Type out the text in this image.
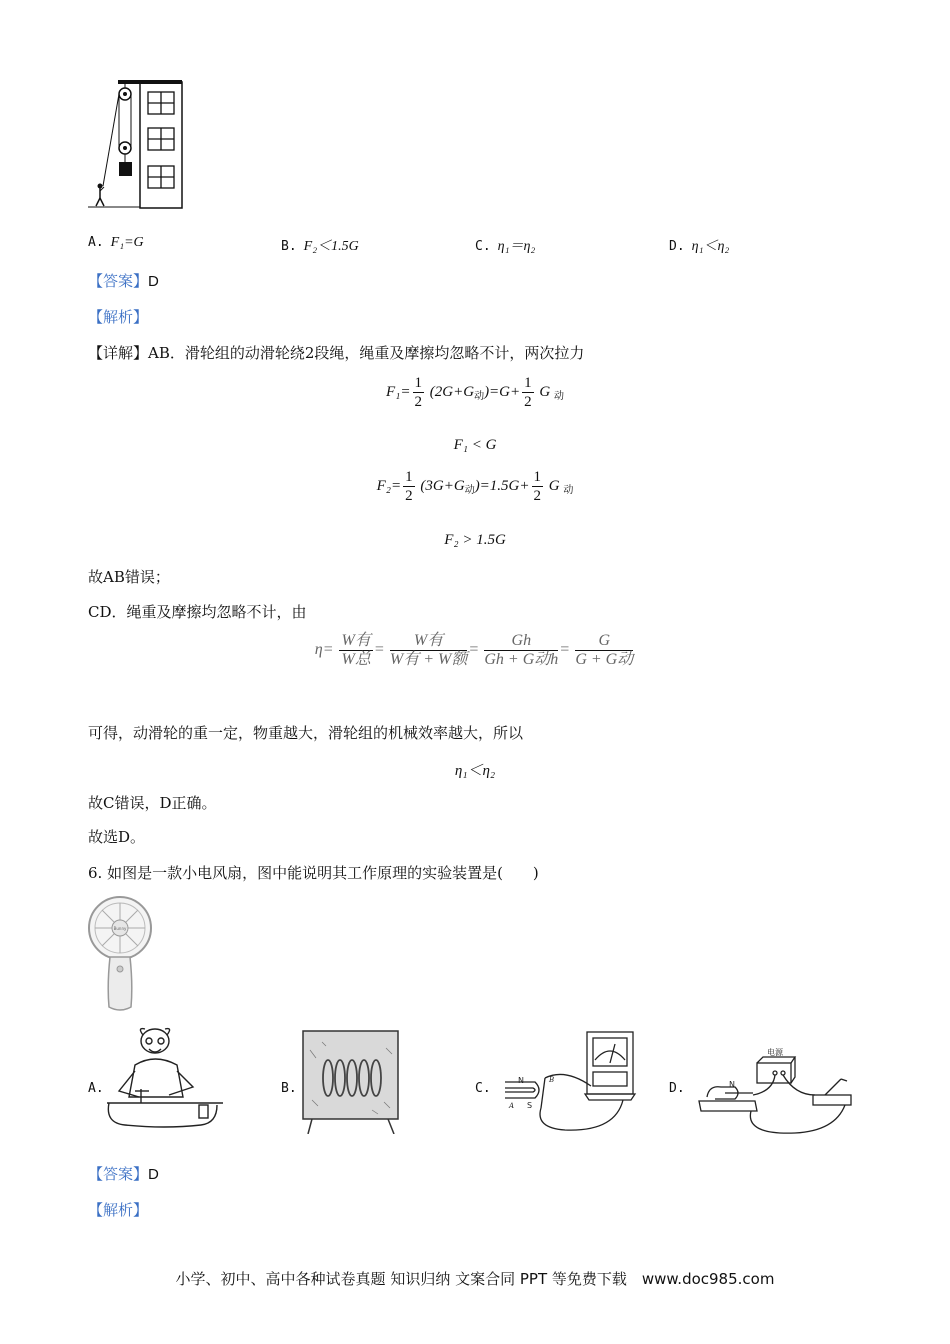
A. F₁=G	B. F₂＜1.5G	C. η₁＝η₂	D. η₁＜η₂
【答案】D
【解析】
【详解】AB．滑轮组的动滑轮绕2段绳，绳重及摩擦均忽略不计，两次拉力
$F_1= \frac{1}{2} (2G+G_动)=G+ \frac{1}{2}$ G $_动$
F₁ < G
$F_2= \frac{1}{2} (3G+G_动)=1.5G+ \frac{1}{2}$ G $_动$
F₂ > 1.5G
故AB错误；
CD．绳重及摩擦均忽略不计，由
$\eta= \frac{\text{W有}}{\text{W总}} = \frac{\text{W有}}{\text{W有 + W额}} = \frac{Gh}{\text{Gh + G动h}} = \frac{G}{\text{G + G动}}$
可得，动滑轮的重一定，物重越大，滑轮组的机械效率越大，所以
η₁＜η₂
故C错误，D正确。
故选D。
6. 如图是一款小电风扇，图中能说明其工作原理的实验装置是(　　)
Bunny
A.	B.	C.
N
S
A
B
D.
电源
N
【答案】D
【解析】
小学、初中、高中各种试卷真题 知识归纳 文案合同 PPT 等免费下载　www.doc985.com
